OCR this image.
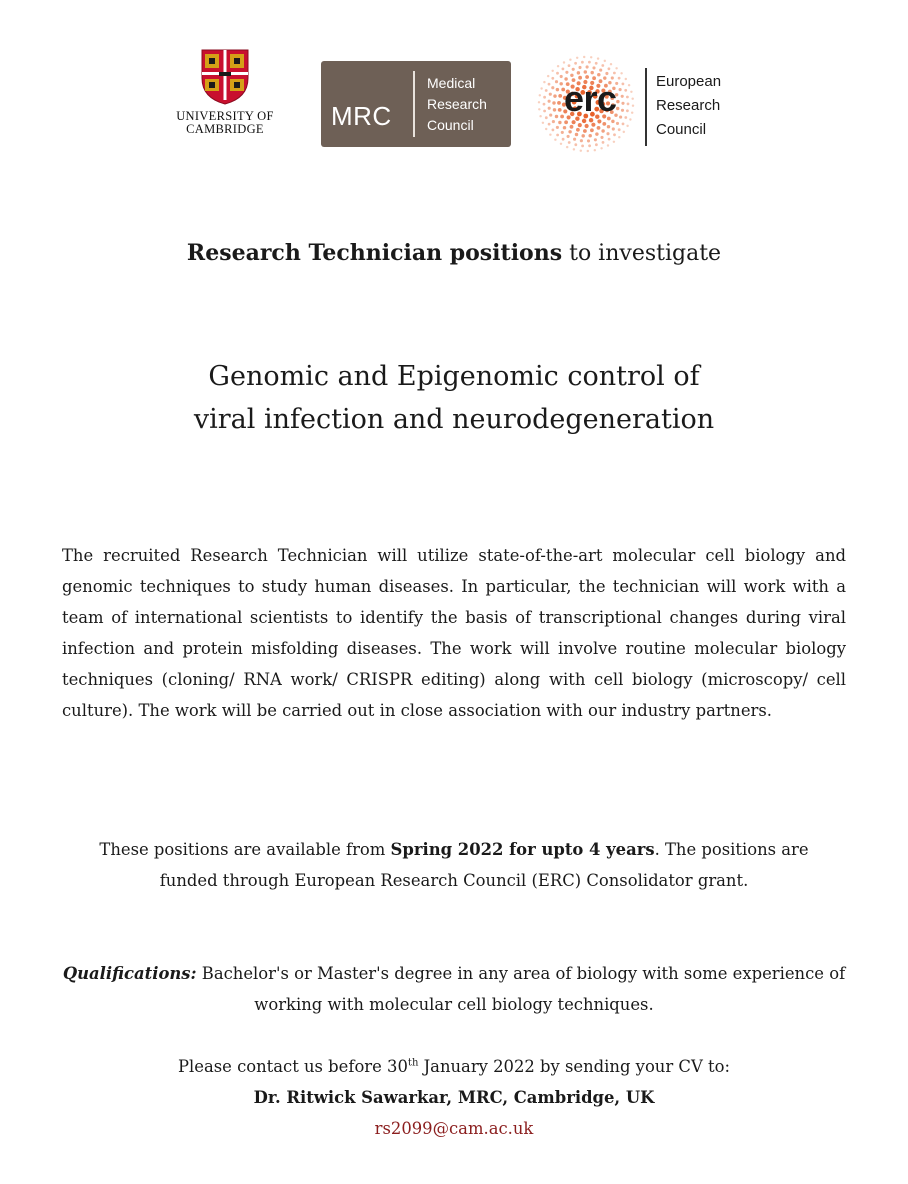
UNIVERSITY OF
CAMBRIDGE	MRC
Medical
Research
Council
erc	European
Research
Council
Research Technician positions to investigate
Genomic and Epigenomic control of
viral infection and neurodegeneration

The recruited Research Technician will utilize state-of-the-art molecular cell biology and genomic techniques to study human diseases. In particular, the technician will work with a team of international scientists to identify the basis of transcriptional changes during viral infection and protein misfolding diseases. The work will involve routine molecular biology techniques (cloning/ RNA work/ CRISPR editing) along with cell biology (microscopy/ cell culture). The work will be carried out in close association with our industry partners.

These positions are available from Spring 2022 for upto 4 years. The positions are funded through European Research Council (ERC) Consolidator grant.

Qualifications: Bachelor's or Master's degree in any area of biology with some experience of working with molecular cell biology techniques.

Please contact us before 30th January 2022 by sending your CV to:
Dr. Ritwick Sawarkar, MRC, Cambridge, UK
rs2099@cam.ac.uk
